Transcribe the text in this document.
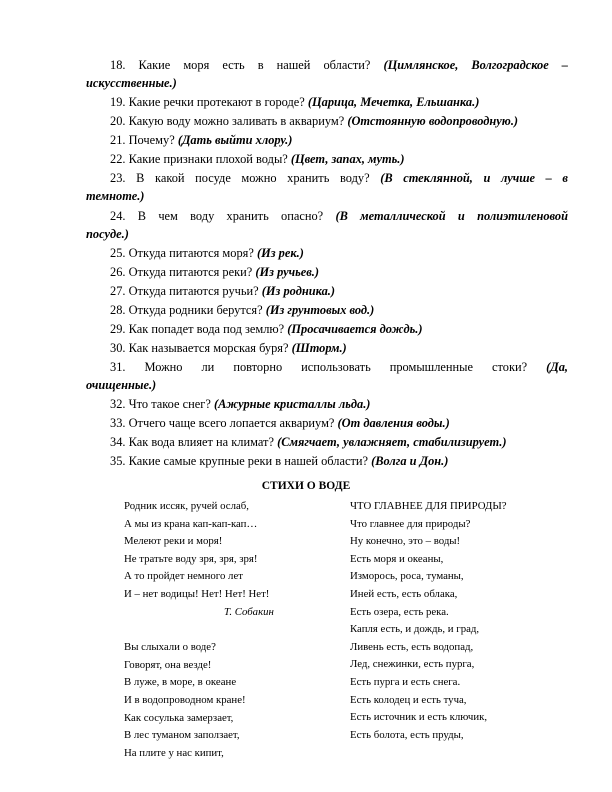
18. Какие моря есть в нашей области? (Цимлянское, Волгоградское –
искусственные.)
19. Какие речки протекают в городе? (Царица, Мечетка, Ельшанка.)
20. Какую воду можно заливать в аквариум? (Отстоянную водопроводную.)
21. Почему? (Дать выйти хлору.)
22. Какие признаки плохой воды? (Цвет, запах, муть.)
23. В какой посуде можно хранить воду? (В стеклянной, и лучше – в
темноте.)
24. В чем воду хранить опасно? (В металлической и полиэтиленовой
посуде.)
25. Откуда питаются моря? (Из рек.)
26. Откуда питаются реки? (Из ручьев.)
27. Откуда питаются ручьи? (Из родника.)
28. Откуда родники берутся? (Из грунтовых вод.)
29. Как попадет вода под землю? (Просачивается дождь.)
30. Как называется морская буря? (Шторм.)
31. Можно ли повторно использовать промышленные стоки? (Да,
очищенные.)
32. Что такое снег? (Ажурные кристаллы льда.)
33. Отчего чаще всего лопается аквариум? (От давления воды.)
34. Как вода влияет на климат? (Смягчает, увлажняет, стабилизирует.)
35. Какие самые крупные реки в нашей области? (Волга и Дон.)
СТИХИ О ВОДЕ
Родник иссяк, ручей ослаб,
А мы из крана кап-кап-кап…
Мелеют реки и моря!
Не тратьте воду зря, зря, зря!
А то пройдет немного лет
И – нет водицы! Нет! Нет! Нет!
Т. Собакин
Вы слыхали о воде?
Говорят, она везде!
В луже, в море, в океане
И в водопроводном кране!
Как сосулька замерзает,
В лес туманом заползает,
На плите у нас кипит,
ЧТО ГЛАВНЕЕ ДЛЯ ПРИРОДЫ?
Что главнее для природы?
Ну конечно, это – воды!
Есть моря и океаны,
Изморось, роса, туманы,
Иней есть, есть облака,
Есть озера, есть река.
Капля есть, и дождь, и град,
Ливень есть, есть водопад,
Лед, снежинки, есть пурга,
Есть пурга и есть снега.
Есть колодец и есть туча,
Есть источник и есть ключик,
Есть болота, есть пруды,
